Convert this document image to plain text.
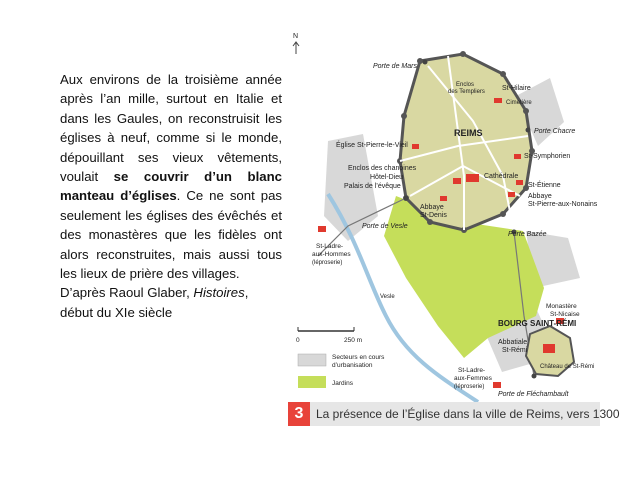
Aux environs de la troisième année après l’an mille, surtout en Italie et dans les Gaules, on reconstruisit les églises à neuf, comme si le monde, dépouillant ses vieux vêtements, voulait se couvrir d’un blanc manteau d’églises. Ce ne sont pas seulement les églises des évêchés et des monastères que les fidèles ont alors reconstruites, mais aussi tous les lieux de prière des villages.

D’après Raoul Glaber, Histoires,

début du XIe siècle

N
Porte de Mars
Enclos
des Templiers St-Hilaire
Cimetière
REIMS	Porte Chacre
Église St-Pierre-le-Vieil
St-Symphorien
Enclos des chanoines
Hôtel-Dieu
Palais de l’évêque
Cathédrale
St-Étienne
Abbaye
St-Pierre-aux-Nonains
Abbaye
St-Denis
Porte de Vesle
Porte Bazée
St-Ladre-
aux-Hommes
(léproserie)
Vesle
Monastère
St-Nicaise
BOURG SAINT-RÉMI
Abbatiale
St-Rémi
Château de St-Rémi
St-Ladre-
aux-Femmes
(léproserie)
Porte de Fléchambault
0	250 m
Secteurs en cours
d’urbanisation
Jardins
3	La présence de l’Église dans la ville de Reims, vers 1300
